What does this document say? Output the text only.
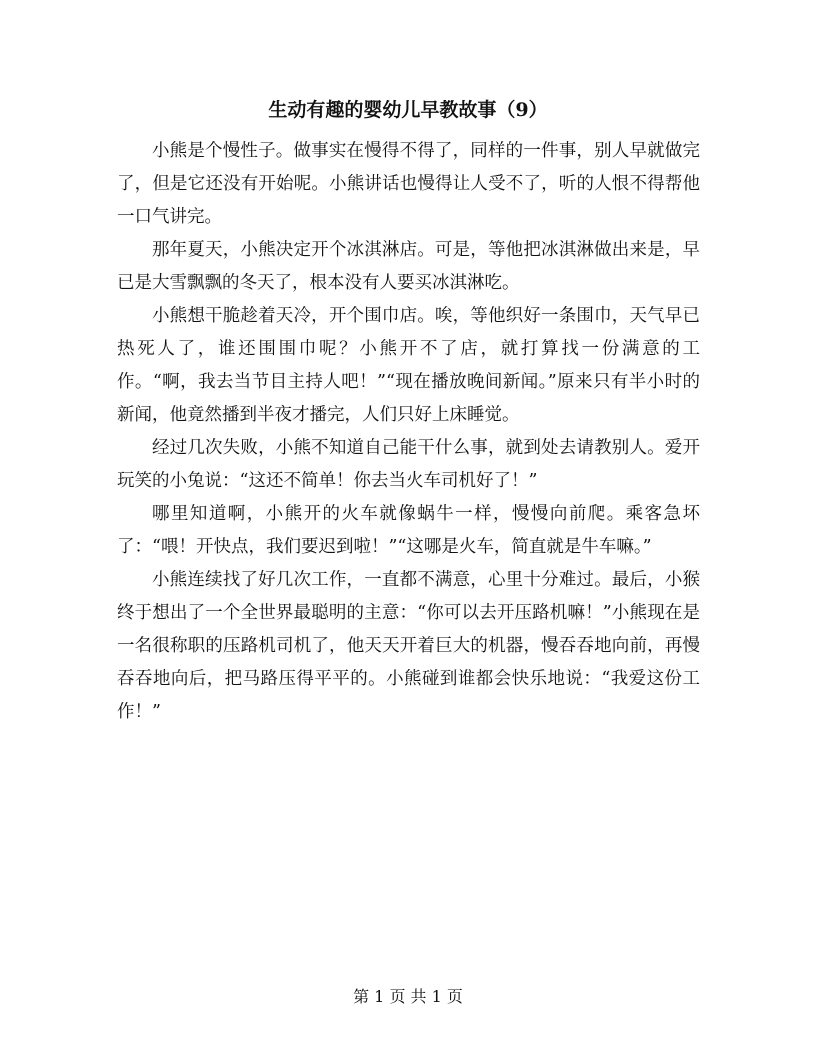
生动有趣的婴幼儿早教故事（9）

小熊是个慢性子。做事实在慢得不得了，同样的一件事，别人早就做完了，但是它还没有开始呢。小熊讲话也慢得让人受不了，听的人恨不得帮他一口气讲完。

那年夏天，小熊决定开个冰淇淋店。可是，等他把冰淇淋做出来是，早已是大雪飘飘的冬天了，根本没有人要买冰淇淋吃。

小熊想干脆趁着天冷，开个围巾店。唉，等他织好一条围巾，天气早已热死人了，谁还围围巾呢？小熊开不了店，就打算找一份满意的工作。“啊，我去当节目主持人吧！”“现在播放晚间新闻。”原来只有半小时的新闻，他竟然播到半夜才播完，人们只好上床睡觉。

经过几次失败，小熊不知道自己能干什么事，就到处去请教别人。爱开玩笑的小兔说：“这还不简单！你去当火车司机好了！”

哪里知道啊，小熊开的火车就像蜗牛一样，慢慢向前爬。乘客急坏了：“喂！开快点，我们要迟到啦！”“这哪是火车，简直就是牛车嘛。”

小熊连续找了好几次工作，一直都不满意，心里十分难过。最后，小猴终于想出了一个全世界最聪明的主意：“你可以去开压路机嘛！”小熊现在是一名很称职的压路机司机了，他天天开着巨大的机器，慢吞吞地向前，再慢吞吞地向后，把马路压得平平的。小熊碰到谁都会快乐地说：“我爱这份工作！”

第 1 页 共 1 页
